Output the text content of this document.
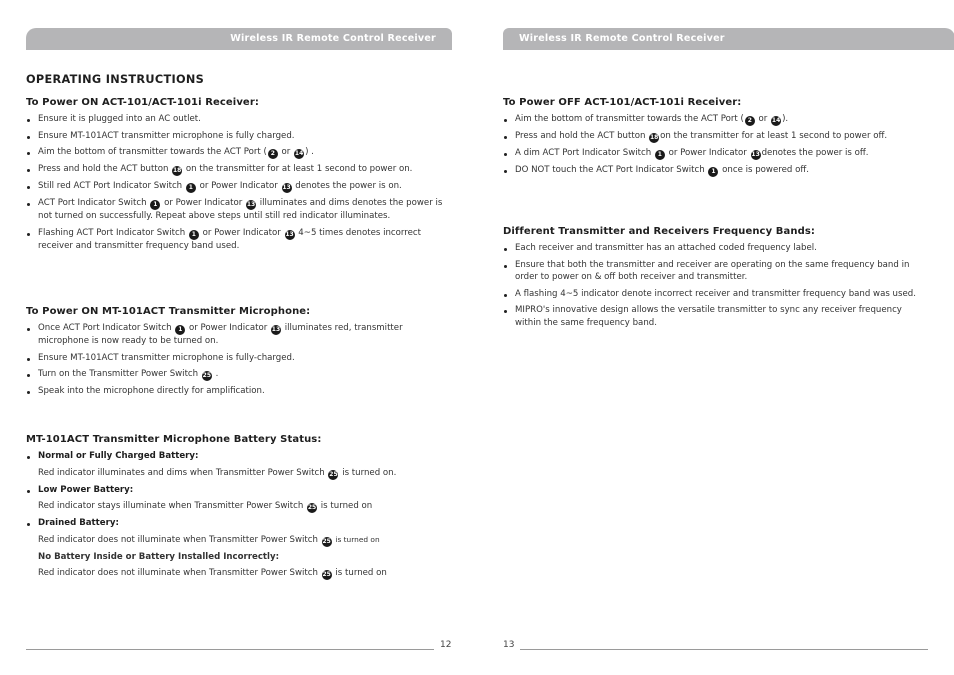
Wireless IR Remote Control Receiver
OPERATING INSTRUCTIONS
To Power ON ACT-101/ACT-101i Receiver:
Ensure it is plugged into an AC outlet.
Ensure MT-101ACT transmitter microphone is fully charged.
Aim the bottom of transmitter towards the ACT Port ( 2 or 14 ) .
Press and hold the ACT button 18 on the transmitter for at least 1 second to power on.
Still red ACT Port Indicator Switch 1 or Power Indicator 13 denotes the power is on.
ACT Port Indicator Switch 1 or Power Indicator 13 illuminates and dims denotes the power is not turned on successfully. Repeat above steps until still red indicator illuminates.
Flashing ACT Port Indicator Switch 1 or Power Indicator 13 4~5 times denotes incorrect receiver and transmitter frequency band used.
To Power ON MT-101ACT Transmitter Microphone:
Once ACT Port Indicator Switch 1 or Power Indicator 13 illuminates red, transmitter microphone is now ready to be turned on.
Ensure MT-101ACT transmitter microphone is fully-charged.
Turn on the Transmitter Power Switch 25 .
Speak into the microphone directly for amplification.
MT-101ACT Transmitter Microphone Battery Status:
Normal or Fully Charged Battery:
Red indicator illuminates and dims when Transmitter Power Switch 25 is turned on.
Low Power Battery:
Red indicator stays illuminate when Transmitter Power Switch 25 is turned on
Drained Battery:
Red indicator does not illuminate when Transmitter Power Switch 25 is turned on
No Battery Inside or Battery Installed Incorrectly:
Red indicator does not illuminate when Transmitter Power Switch 25 is turned on
12
Wireless IR Remote Control Receiver
To Power OFF ACT-101/ACT-101i Receiver:
Aim the bottom of transmitter towards the ACT Port ( 2 or 14 ).
Press and hold the ACT button 18 on the transmitter for at least 1 second to power off.
A dim ACT Port Indicator Switch 1 or Power Indicator 13 denotes the power is off.
DO NOT touch the ACT Port Indicator Switch 1 once is powered off.
Different Transmitter and Receivers Frequency Bands:
Each receiver and transmitter has an attached coded frequency label.
Ensure that both the transmitter and receiver are operating on the same frequency band in order to power on & off both receiver and transmitter.
A flashing 4~5 indicator denote incorrect receiver and transmitter frequency band was used.
MIPRO's innovative design allows the versatile transmitter to sync any receiver frequency within the same frequency band.
13
